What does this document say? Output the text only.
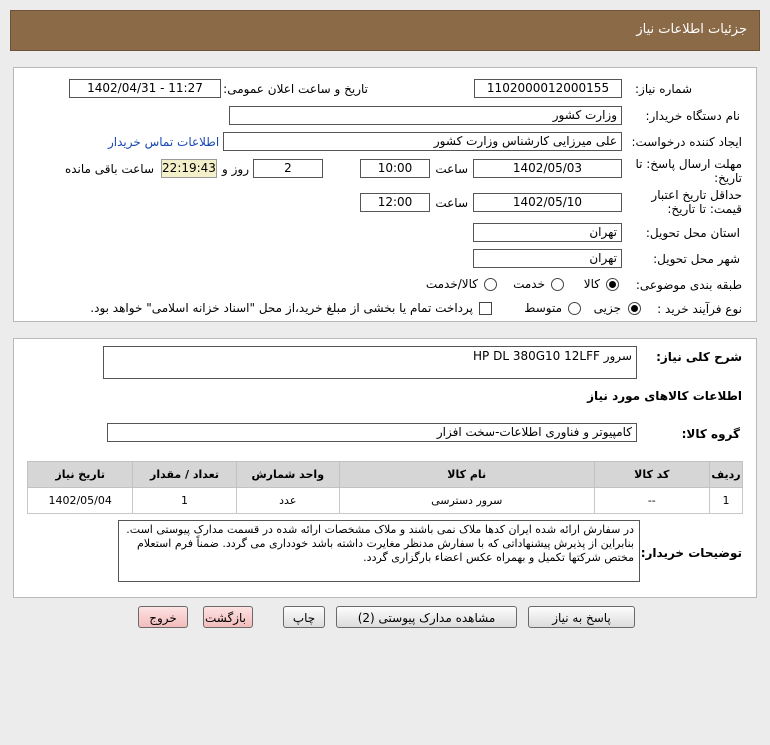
جزئیات اطلاعات نیاز
شماره نیاز:
1102000012000155
تاریخ و ساعت اعلان عمومی:
1402/04/31 - 11:27
نام دستگاه خریدار:
وزارت کشور
ایجاد کننده درخواست:
علی میرزایی کارشناس وزارت کشور
اطلاعات تماس خریدار
مهلت ارسال پاسخ: تا
تاریخ:
1402/05/03
ساعت
10:00
2
روز و
22:19:43
ساعت باقی مانده
حداقل تاریخ اعتبار
قیمت: تا تاریخ:
1402/05/10
ساعت
12:00
استان محل تحویل:
تهران
شهر محل تحویل:
تهران
طبقه بندی موضوعی:
کالا
خدمت
کالا/خدمت
نوع فرآیند خرید :
جزیی
متوسط
پرداخت تمام یا بخشی از مبلغ خرید،از محل "اسناد خزانه اسلامی" خواهد بود.
شرح کلی نیاز:
سرور HP DL 380G10 12LFF
اطلاعات کالاهای مورد نیاز
گروه کالا:
کامپیوتر و فناوری اطلاعات-سخت افزار
ردیف	کد کالا	نام کالا	واحد شمارش	تعداد / مقدار	تاریخ نیاز
1	--	سرور دسترسی	عدد	1	1402/05/04
توضیحات خریدار:
در سفارش ارائه شده ایران کدها ملاک نمی باشند و ملاک مشخصات ارائه شده در قسمت مدارک پیوستی است. بنابراین از پذیرش پیشنهاداتی که با سفارش مدنظر مغایرت داشته باشد خودداری می گردد. ضمناً فرم استعلام مختص شرکتها تکمیل و بهمراه عکس اعضاء بارگزاری گردد.
پاسخ به نیاز
مشاهده مدارک پیوستی (2)
چاپ
بازگشت
خروج
